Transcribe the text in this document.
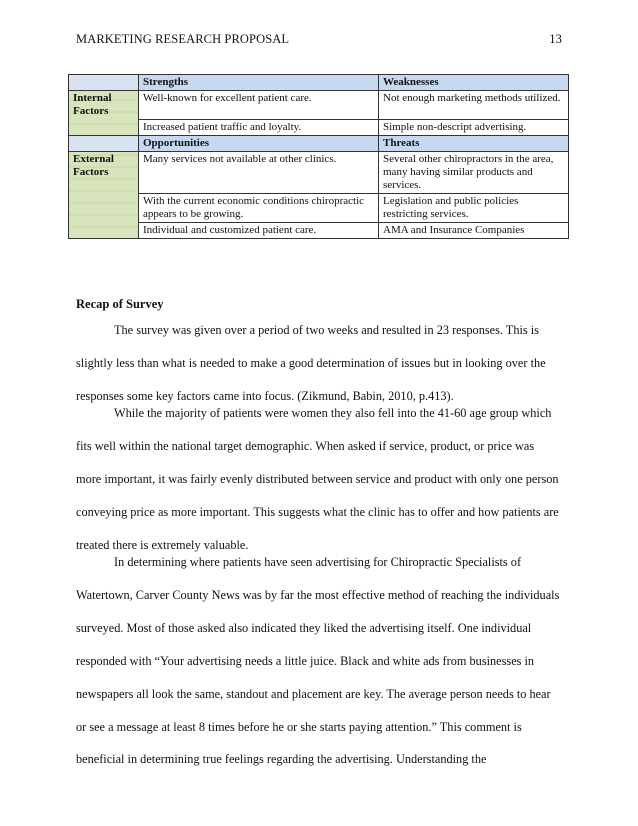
MARKETING RESEARCH PROPOSAL	13
	Strengths	Weaknesses
Internal Factors	Well-known for excellent patient care.	Not enough marketing methods utilized.
	Increased patient traffic and loyalty.	Simple non-descript advertising.
	Opportunities	Threats
External Factors	Many services not available at other clinics.	Several other chiropractors in the area, many having similar products and services.
	With the current economic conditions chiropractic appears to be growing.	Legislation and public policies restricting services.
	Individual and customized patient care.	AMA and Insurance Companies
Recap of Survey

The survey was given over a period of two weeks and resulted in 23 responses. This is slightly less than what is needed to make a good determination of issues but in looking over the responses some key factors came into focus. (Zikmund, Babin, 2010, p.413).

While the majority of patients were women they also fell into the 41-60 age group which fits well within the national target demographic. When asked if service, product, or price was more important, it was fairly evenly distributed between service and product with only one person conveying price as more important. This suggests what the clinic has to offer and how patients are treated there is extremely valuable.

In determining where patients have seen advertising for Chiropractic Specialists of Watertown, Carver County News was by far the most effective method of reaching the individuals surveyed. Most of those asked also indicated they liked the advertising itself. One individual responded with “Your advertising needs a little juice. Black and white ads from businesses in newspapers all look the same, standout and placement are key. The average person needs to hear or see a message at least 8 times before he or she starts paying attention.” This comment is beneficial in determining true feelings regarding the advertising. Understanding the
